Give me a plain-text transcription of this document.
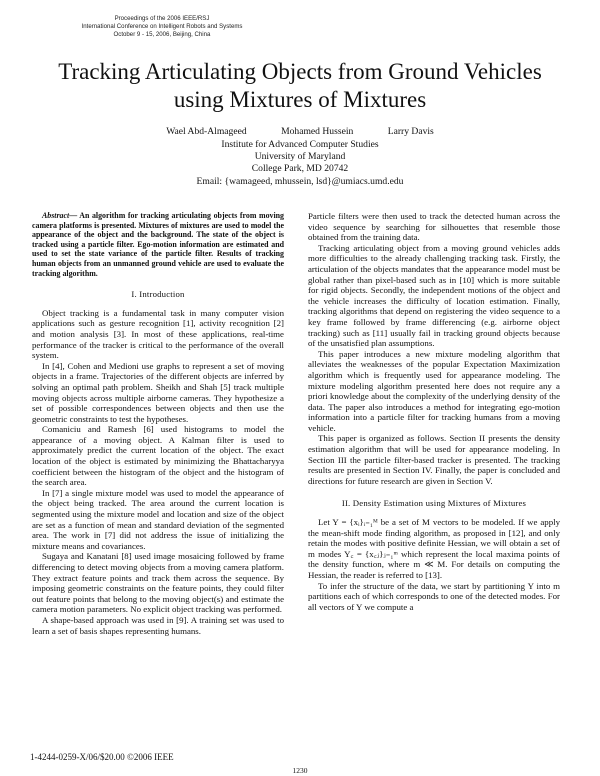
Proceedings of the 2006 IEEE/RSJ
International Conference on Intelligent Robots and Systems
October 9 - 15, 2006, Beijing, China
Tracking Articulating Objects from Ground Vehicles
using Mixtures of Mixtures
Wael Abd-Almageed	Mohamed Hussein	Larry Davis
Institute for Advanced Computer Studies
University of Maryland
College Park, MD 20742
Email: {wamageed, mhussein, lsd}@umiacs.umd.edu

Abstract— An algorithm for tracking articulating objects from moving camera platforms is presented. Mixtures of mixtures are used to model the appearance of the object and the background. The state of the object is tracked using a particle filter. Ego-motion information are estimated and used to set the state variance of the particle filter. Results of tracking human objects from an unmanned ground vehicle are used to evaluate the tracking algorithm.

I. Introduction

Object tracking is a fundamental task in many computer vision applications such as gesture recognition [1], activity recognition [2] and motion analysis [3]. In most of these applications, real-time performance of the tracker is critical to the performance of the overall system.

In [4], Cohen and Medioni use graphs to represent a set of moving objects in a frame. Trajectories of the different objects are inferred by solving an optimal path problem. Sheikh and Shah [5] track multiple moving objects across multiple airborne cameras. They hypothesize a set of possible correspondences between objects and then use the geometric constraints to test the hypotheses.

Comaniciu and Ramesh [6] used histograms to model the appearance of a moving object. A Kalman filter is used to approximately predict the current location of the object. The exact location of the object is estimated by minimizing the Bhattacharyya coefficient between the histogram of the object and the histogram of the search area.

In [7] a single mixture model was used to model the appearance of the object being tracked. The area around the current location is segmented using the mixture model and location and size of the object are set as a function of mean and standard deviation of the segmented area. The work in [7] did not address the issue of initializing the mixture means and covariances.

Sugaya and Kanatani [8] used image mosaicing followed by frame differencing to detect moving objects from a moving camera platform. They extract feature points and track them across the sequence. By imposing geometric constraints on the feature points, they could filter out feature points that belong to the moving object(s) and estimate the camera motion parameters. No explicit object tracking was performed.

A shape-based approach was used in [9]. A training set was used to learn a set of basis shapes representing humans.

Particle filters were then used to track the detected human across the video sequence by searching for silhouettes that resemble those obtained from the training data.

Tracking articulating object from a moving ground vehicles adds more difficulties to the already challenging tracking task. Firstly, the articulation of the objects mandates that the appearance model must be global rather than pixel-based such as in [10] which is more suitable for rigid objects. Secondly, the independent motions of the object and the vehicle increases the difficulty of location estimation. Finally, tracking algorithms that depend on registering the video sequence to a key frame followed by frame differencing (e.g. airborne object tracking) such as [11] usually fail in tracking ground objects because of the unsatisfied plan assumptions.

This paper introduces a new mixture modeling algorithm that alleviates the weaknesses of the popular Expectation Maximization algorithm which is frequently used for appearance modeling. The mixture modeling algorithm presented here does not require any a priori knowledge about the complexity of the underlying density of the data. The paper also introduces a method for integrating ego-motion information into a particle filter for tracking humans from a moving vehicle.

This paper is organized as follows. Section II presents the density estimation algorithm that will be used for appearance modeling. In Section III the particle filter-based tracker is presented. The tracking results are presented in Section IV. Finally, the paper is concluded and directions for future research are given in Section V.

II. Density Estimation using Mixtures of Mixtures

Let Y = {xᵢ}ᵢ₌₁ᴹ be a set of M vectors to be modeled. If we apply the mean-shift mode finding algorithm, as proposed in [12], and only retain the modes with positive definite Hessian, we will obtain a set of m modes Y꜀ = {x꜀ⱼ}ⱼ₌₁ᵐ which represent the local maxima points of the density function, where m ≪ M. For details on computing the Hessian, the reader is referred to [13].

To infer the structure of the data, we start by partitioning Y into m partitions each of which corresponds to one of the detected modes. For all vectors of Y we compute a

1-4244-0259-X/06/$20.00 ©2006 IEEE
1230
